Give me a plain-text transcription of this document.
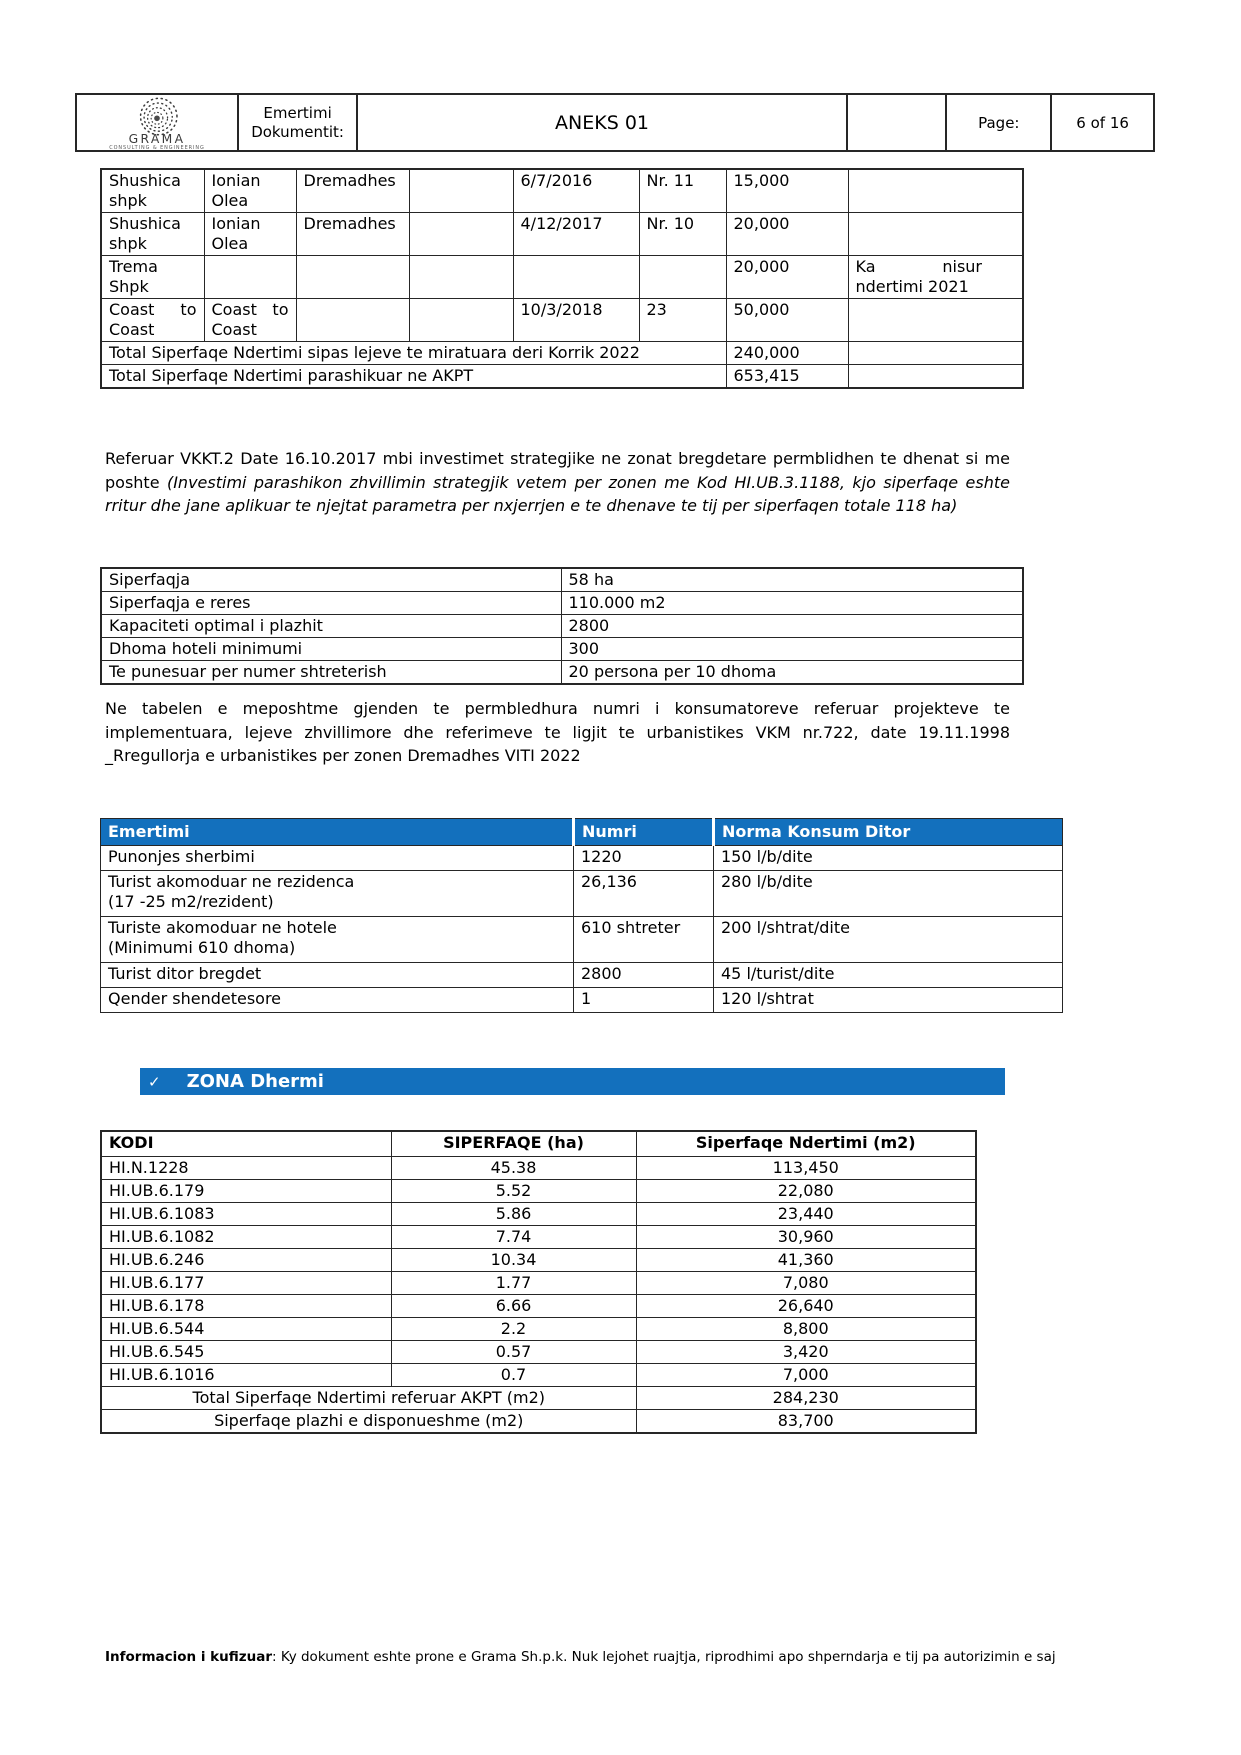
GRAMA
CONSULTING & ENGINEERING
Emertimi Dokumentit:	ANEKS 01	Page:	6 of 16
Shushica shpk	Ionian Olea	Dremadhes		6/7/2016	Nr. 11	15,000	
Shushica shpk	Ionian Olea	Dremadhes		4/12/2017	Nr. 10	20,000	
Trema Shpk						20,000	Ka nisur ndertimi 2021
Coast to Coast	Coast to Coast			10/3/2018	23	50,000	
Total Siperfaqe Ndertimi sipas lejeve te miratuara deri Korrik 2022						240,000	
Total Siperfaqe Ndertimi parashikuar ne AKPT						653,415	

Referuar VKKT.2 Date 16.10.2017 mbi investimet strategjike ne zonat bregdetare permblidhen te dhenat si me poshte (Investimi parashikon zhvillimin strategjik vetem per zonen me Kod HI.UB.3.1188, kjo siperfaqe eshte rritur dhe jane aplikuar te njejtat parametra per nxjerrjen e te dhenave te tij per siperfaqen totale 118 ha)

Siperfaqja	58 ha
Siperfaqja e reres	110.000 m2
Kapaciteti optimal i plazhit	2800
Dhoma hoteli minimumi	300
Te punesuar per numer shtreterish	20 persona per 10 dhoma

Ne tabelen e meposhtme gjenden te permbledhura numri i konsumatoreve referuar projekteve te implementuara, lejeve zhvillimore dhe referimeve te ligjit te urbanistikes VKM nr.722, date 19.11.1998 _Rregullorja e urbanistikes per zonen Dremadhes VITI 2022

Emertimi	Numri	Norma Konsum Ditor
Punonjes sherbimi	1220	150 l/b/dite

Turist akomoduar ne rezidenca
(17 -25 m2/rezident)	26,136	280 l/b/dite

Turiste akomoduar ne hotele
(Minimumi 610 dhoma)	610 shtreter	200 l/shtrat/dite
Turist ditor bregdet	2800	45 l/turist/dite
Qender shendetesore	1	120 l/shtrat
✓ ZONA Dhermi
KODI	SIPERFAQE (ha)	Siperfaqe Ndertimi (m2)
HI.N.1228	45.38	113,450
HI.UB.6.179	5.52	22,080
HI.UB.6.1083	5.86	23,440
HI.UB.6.1082	7.74	30,960
HI.UB.6.246	10.34	41,360
HI.UB.6.177	1.77	7,080
HI.UB.6.178	6.66	26,640
HI.UB.6.544	2.2	8,800
HI.UB.6.545	0.57	3,420
HI.UB.6.1016	0.7	7,000
Total Siperfaqe Ndertimi referuar AKPT (m2)		284,230
Siperfaqe plazhi e disponueshme (m2)		83,700

Informacion i kufizuar: Ky dokument eshte prone e Grama Sh.p.k. Nuk lejohet ruajtja, riprodhimi apo shperndarja e tij pa autorizimin e saj
